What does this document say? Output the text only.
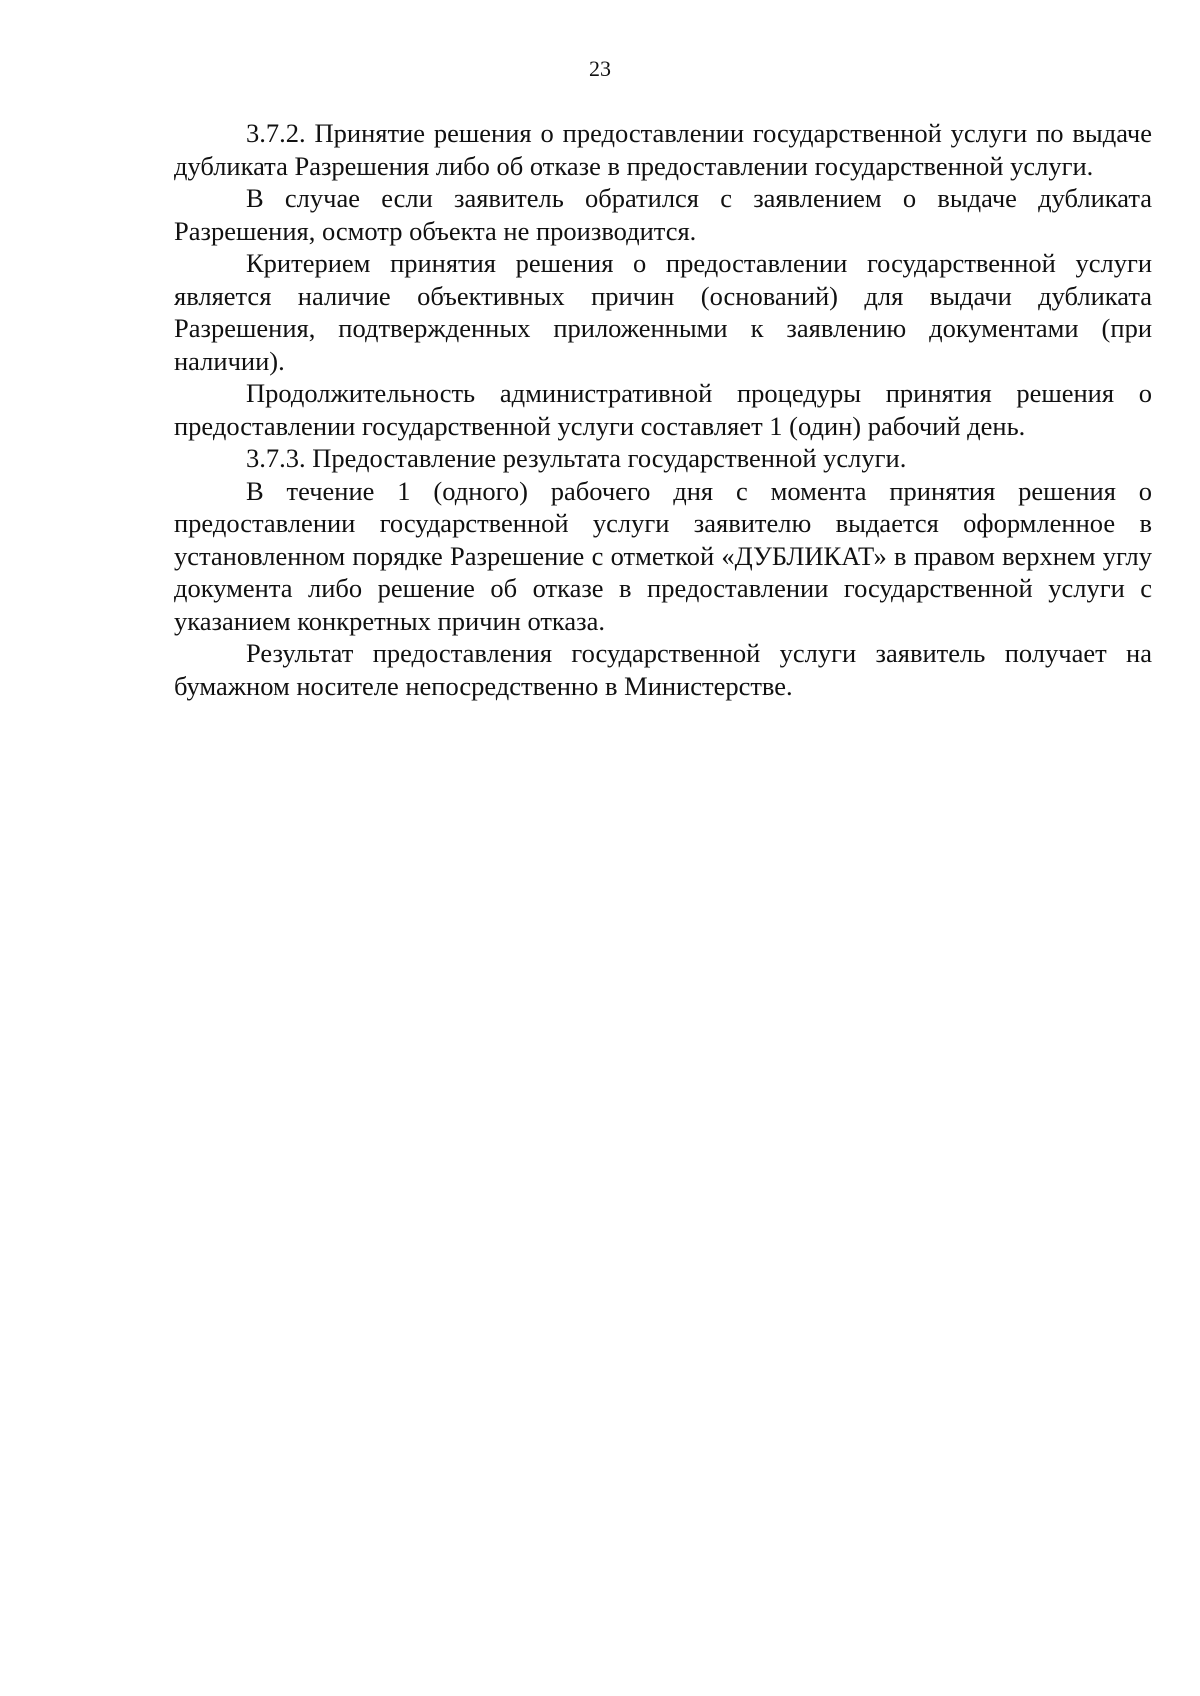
23

3.7.2. Принятие решения о предоставлении государственной услуги по выдаче дубликата Разрешения либо об отказе в предоставлении государственной услуги.

В случае если заявитель обратился с заявлением о выдаче дубликата Разрешения, осмотр объекта не производится.

Критерием принятия решения о предоставлении государственной услуги является наличие объективных причин (оснований) для выдачи дубликата Разрешения, подтвержденных приложенными к заявлению документами (при наличии).

Продолжительность административной процедуры принятия решения о предоставлении государственной услуги составляет 1 (один) рабочий день.

3.7.3. Предоставление результата государственной услуги.

В течение 1 (одного) рабочего дня с момента принятия решения о предоставлении государственной услуги заявителю выдается оформленное в установленном порядке Разрешение с отметкой «ДУБЛИКАТ» в правом верхнем углу документа либо решение об отказе в предоставлении государственной услуги с указанием конкретных причин отказа.

Результат предоставления государственной услуги заявитель получает на бумажном носителе непосредственно в Министерстве.
